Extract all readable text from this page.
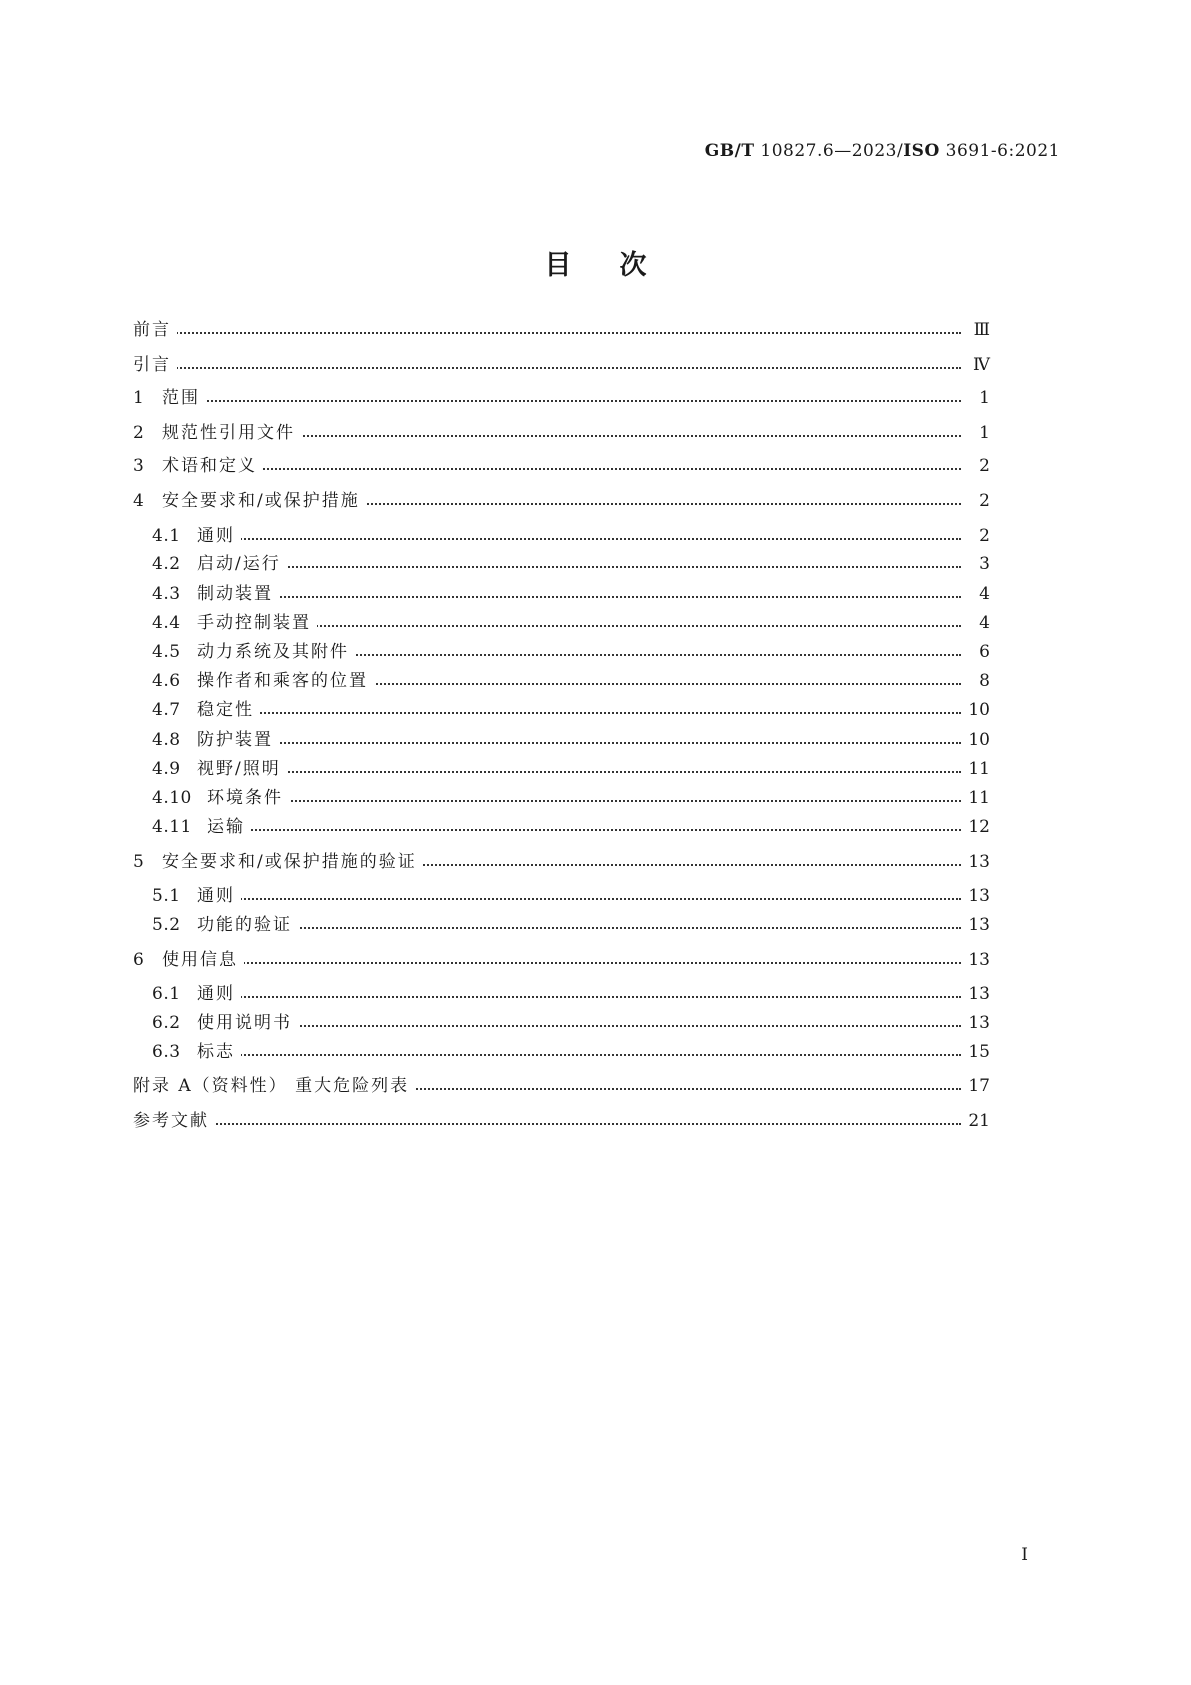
GB/T 10827.6—2023/ISO 3691-6:2021
目次
前言	Ⅲ
引言	Ⅳ
1 范围	1
2 规范性引用文件	1
3 术语和定义	2
4 安全要求和/或保护措施	2
4.1 通则	2
4.2 启动/运行	3
4.3 制动装置	4
4.4 手动控制装置	4
4.5 动力系统及其附件	6
4.6 操作者和乘客的位置	8
4.7 稳定性	10
4.8 防护装置	10
4.9 视野/照明	11
4.10 环境条件	11
4.11 运输	12
5 安全要求和/或保护措施的验证	13
5.1 通则	13
5.2 功能的验证	13
6 使用信息	13
6.1 通则	13
6.2 使用说明书	13
6.3 标志	15
附录 A（资料性） 重大危险列表	17
参考文献	21
I
